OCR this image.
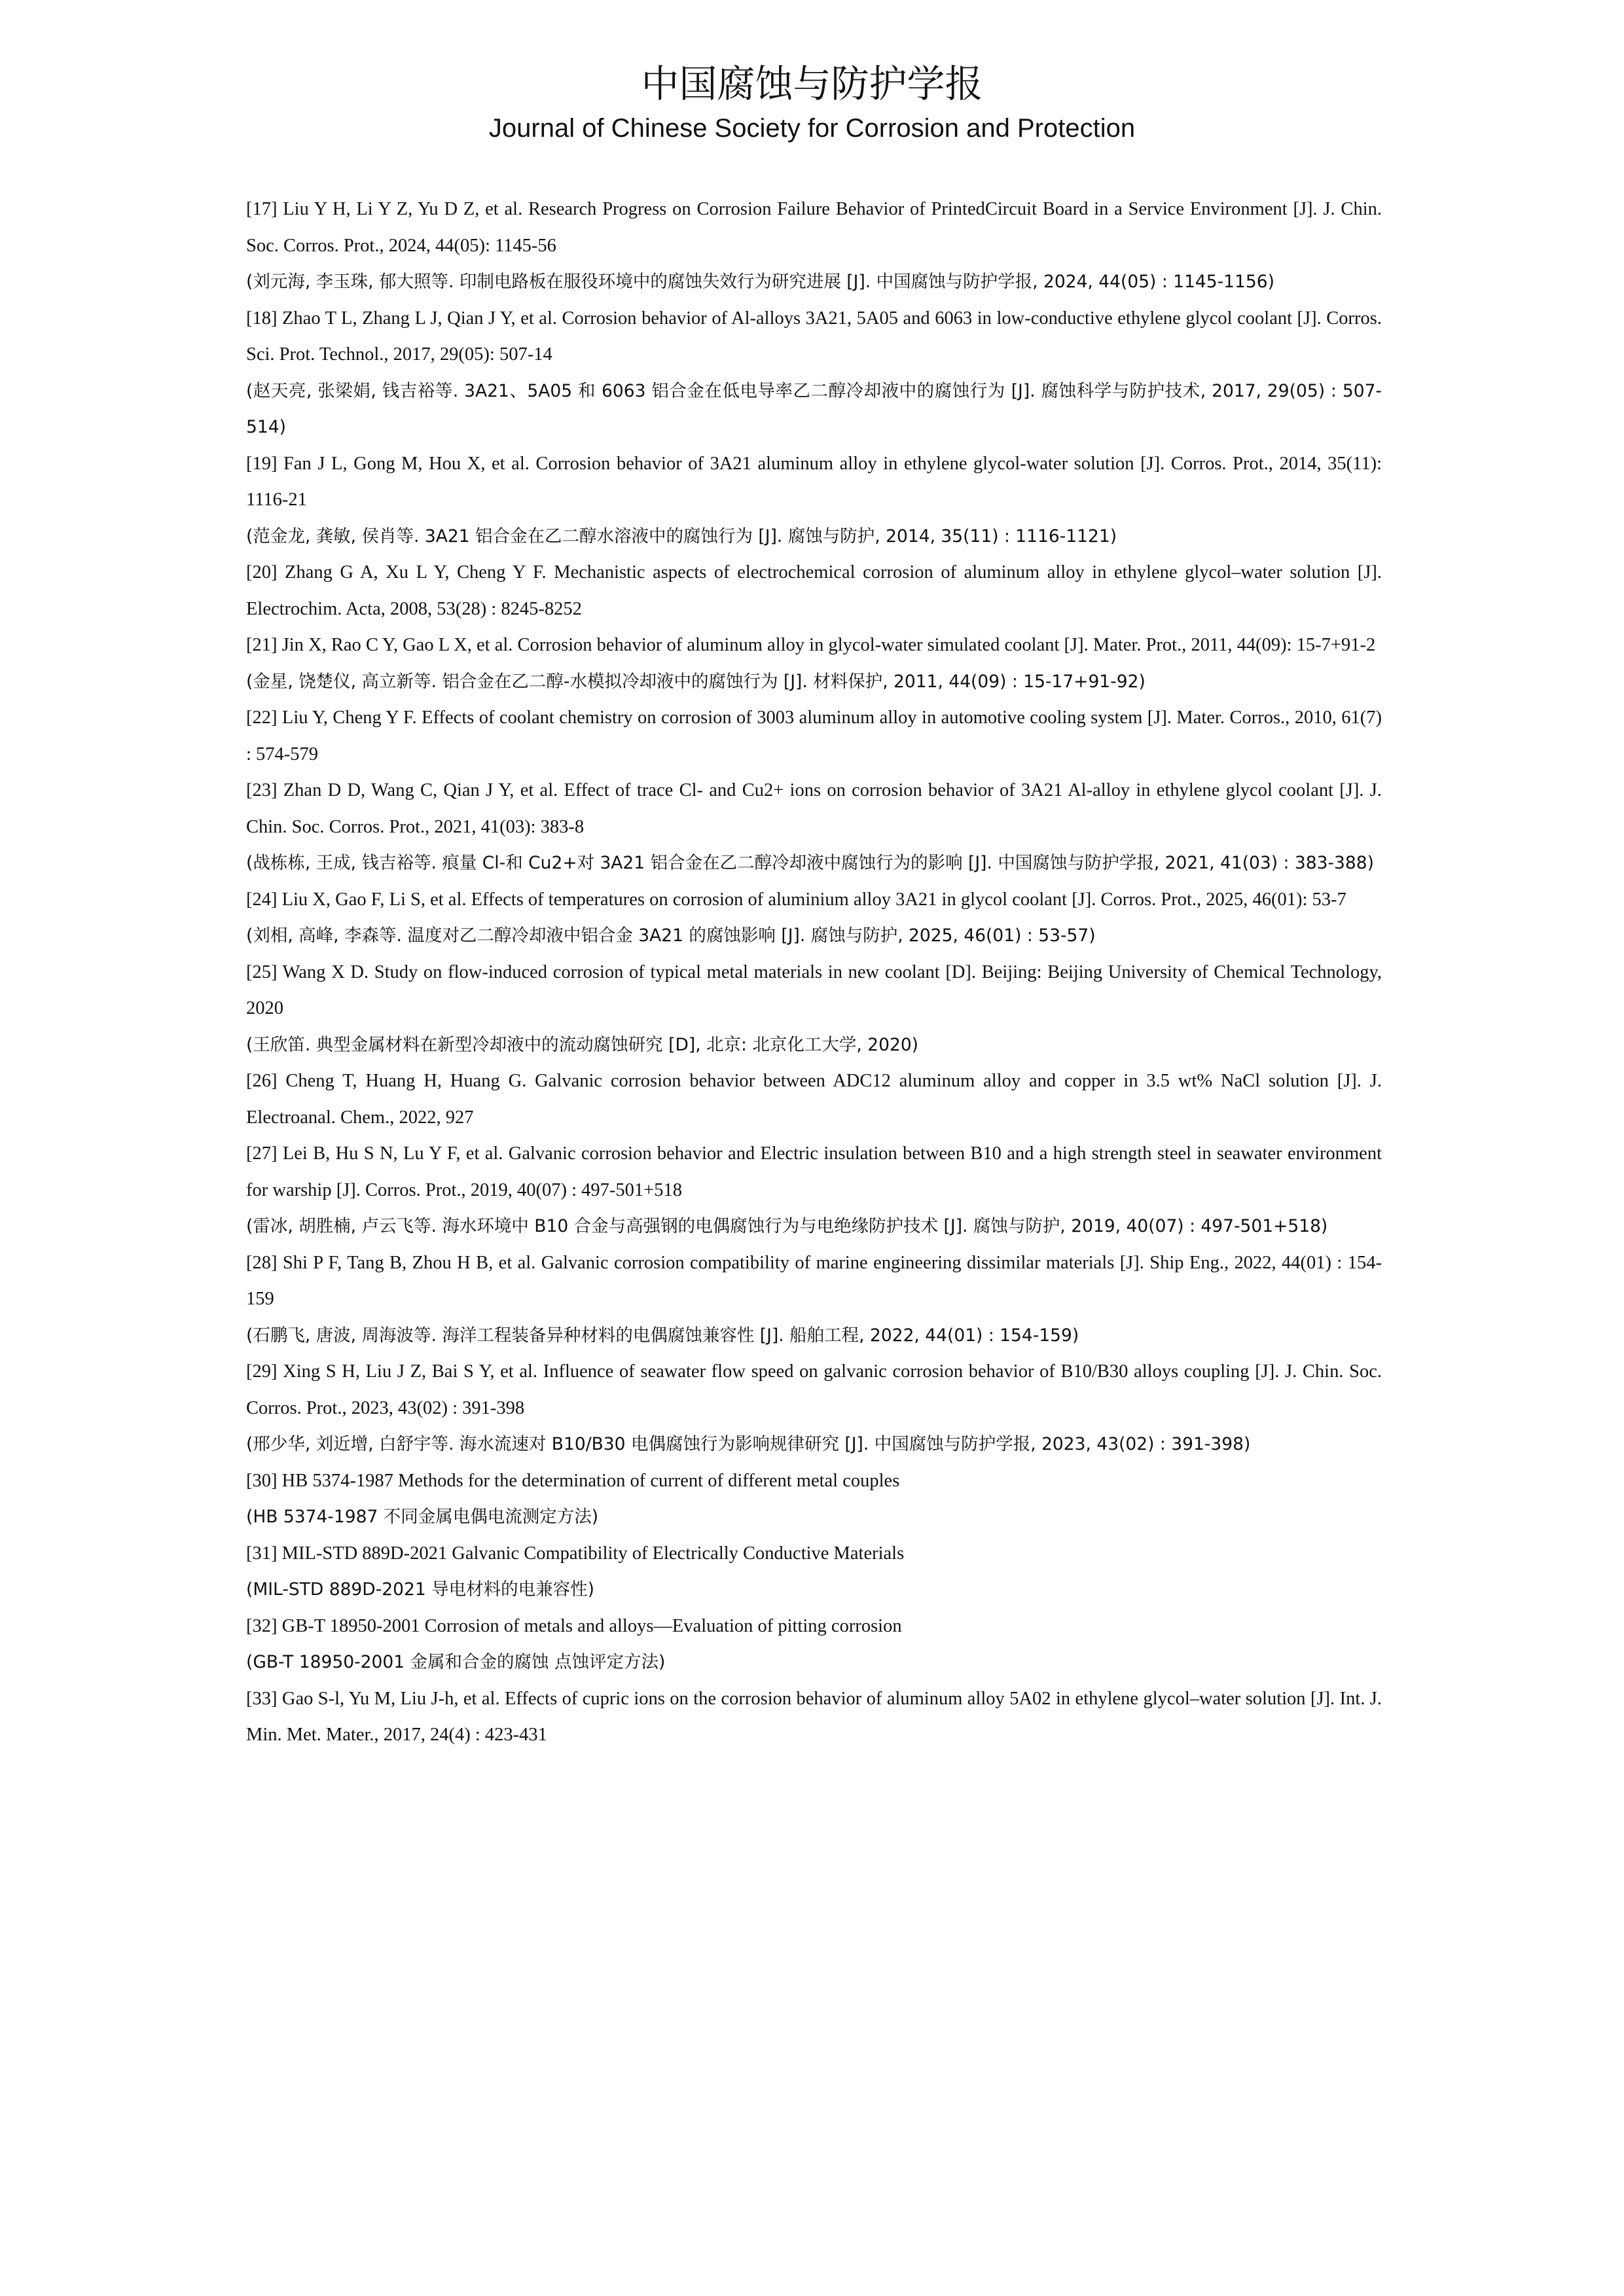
中国腐蚀与防护学报
Journal of Chinese Society for Corrosion and Protection

[17] Liu Y H, Li Y Z, Yu D Z, et al. Research Progress on Corrosion Failure Behavior of PrintedCircuit Board in a Service Environment [J]. J. Chin. Soc. Corros. Prot., 2024, 44(05): 1145-56

(刘元海, 李玉珠, 郁大照等. 印制电路板在服役环境中的腐蚀失效行为研究进展 [J]. 中国腐蚀与防护学报, 2024, 44(05) : 1145-1156)

[18] Zhao T L, Zhang L J, Qian J Y, et al. Corrosion behavior of Al-alloys 3A21, 5A05 and 6063 in low-conductive ethylene glycol coolant [J]. Corros. Sci. Prot. Technol., 2017, 29(05): 507-14

(赵天亮, 张梁娟, 钱吉裕等. 3A21、5A05 和 6063 铝合金在低电导率乙二醇冷却液中的腐蚀行为 [J]. 腐蚀科学与防护技术, 2017, 29(05) : 507-514)

[19] Fan J L, Gong M, Hou X, et al. Corrosion behavior of 3A21 aluminum alloy in ethylene glycol-water solution [J]. Corros. Prot., 2014, 35(11): 1116-21

(范金龙, 龚敏, 侯肖等. 3A21 铝合金在乙二醇水溶液中的腐蚀行为 [J]. 腐蚀与防护, 2014, 35(11) : 1116-1121)

[20] Zhang G A, Xu L Y, Cheng Y F. Mechanistic aspects of electrochemical corrosion of aluminum alloy in ethylene glycol–water solution [J]. Electrochim. Acta, 2008, 53(28) : 8245-8252

[21] Jin X, Rao C Y, Gao L X, et al. Corrosion behavior of aluminum alloy in glycol-water simulated coolant [J]. Mater. Prot., 2011, 44(09): 15-7+91-2

(金星, 饶楚仪, 高立新等. 铝合金在乙二醇-水模拟冷却液中的腐蚀行为 [J]. 材料保护, 2011, 44(09) : 15-17+91-92)

[22] Liu Y, Cheng Y F. Effects of coolant chemistry on corrosion of 3003 aluminum alloy in automotive cooling system [J]. Mater. Corros., 2010, 61(7) : 574-579

[23] Zhan D D, Wang C, Qian J Y, et al. Effect of trace Cl- and Cu2+ ions on corrosion behavior of 3A21 Al-alloy in ethylene glycol coolant [J]. J. Chin. Soc. Corros. Prot., 2021, 41(03): 383-8

(战栋栋, 王成, 钱吉裕等. 痕量 Cl-和 Cu2+对 3A21 铝合金在乙二醇冷却液中腐蚀行为的影响 [J]. 中国腐蚀与防护学报, 2021, 41(03) : 383-388)

[24] Liu X, Gao F, Li S, et al. Effects of temperatures on corrosion of aluminium alloy 3A21 in glycol coolant [J]. Corros. Prot., 2025, 46(01): 53-7

(刘相, 高峰, 李森等. 温度对乙二醇冷却液中铝合金 3A21 的腐蚀影响 [J]. 腐蚀与防护, 2025, 46(01) : 53-57)

[25] Wang X D. Study on flow-induced corrosion of typical metal materials in new coolant [D]. Beijing: Beijing University of Chemical Technology, 2020

(王欣笛. 典型金属材料在新型冷却液中的流动腐蚀研究 [D], 北京: 北京化工大学, 2020)

[26] Cheng T, Huang H, Huang G. Galvanic corrosion behavior between ADC12 aluminum alloy and copper in 3.5 wt% NaCl solution [J]. J. Electroanal. Chem., 2022, 927

[27] Lei B, Hu S N, Lu Y F, et al. Galvanic corrosion behavior and Electric insulation between B10 and a high strength steel in seawater environment for warship [J]. Corros. Prot., 2019, 40(07) : 497-501+518

(雷冰, 胡胜楠, 卢云飞等. 海水环境中 B10 合金与高强钢的电偶腐蚀行为与电绝缘防护技术 [J]. 腐蚀与防护, 2019, 40(07) : 497-501+518)

[28] Shi P F, Tang B, Zhou H B, et al. Galvanic corrosion compatibility of marine engineering dissimilar materials [J]. Ship Eng., 2022, 44(01) : 154-159

(石鹏飞, 唐波, 周海波等. 海洋工程装备异种材料的电偶腐蚀兼容性 [J]. 船舶工程, 2022, 44(01) : 154-159)

[29] Xing S H, Liu J Z, Bai S Y, et al. Influence of seawater flow speed on galvanic corrosion behavior of B10/B30 alloys coupling [J]. J. Chin. Soc. Corros. Prot., 2023, 43(02) : 391-398

(邢少华, 刘近增, 白舒宇等. 海水流速对 B10/B30 电偶腐蚀行为影响规律研究 [J]. 中国腐蚀与防护学报, 2023, 43(02) : 391-398)

[30] HB 5374-1987 Methods for the determination of current of different metal couples

(HB 5374-1987 不同金属电偶电流测定方法)

[31] MIL-STD 889D-2021 Galvanic Compatibility of Electrically Conductive Materials

(MIL-STD 889D-2021 导电材料的电兼容性)

[32] GB-T 18950-2001 Corrosion of metals and alloys—Evaluation of pitting corrosion

(GB-T 18950-2001 金属和合金的腐蚀 点蚀评定方法)

[33] Gao S-l, Yu M, Liu J-h, et al. Effects of cupric ions on the corrosion behavior of aluminum alloy 5A02 in ethylene glycol–water solution [J]. Int. J. Min. Met. Mater., 2017, 24(4) : 423-431
